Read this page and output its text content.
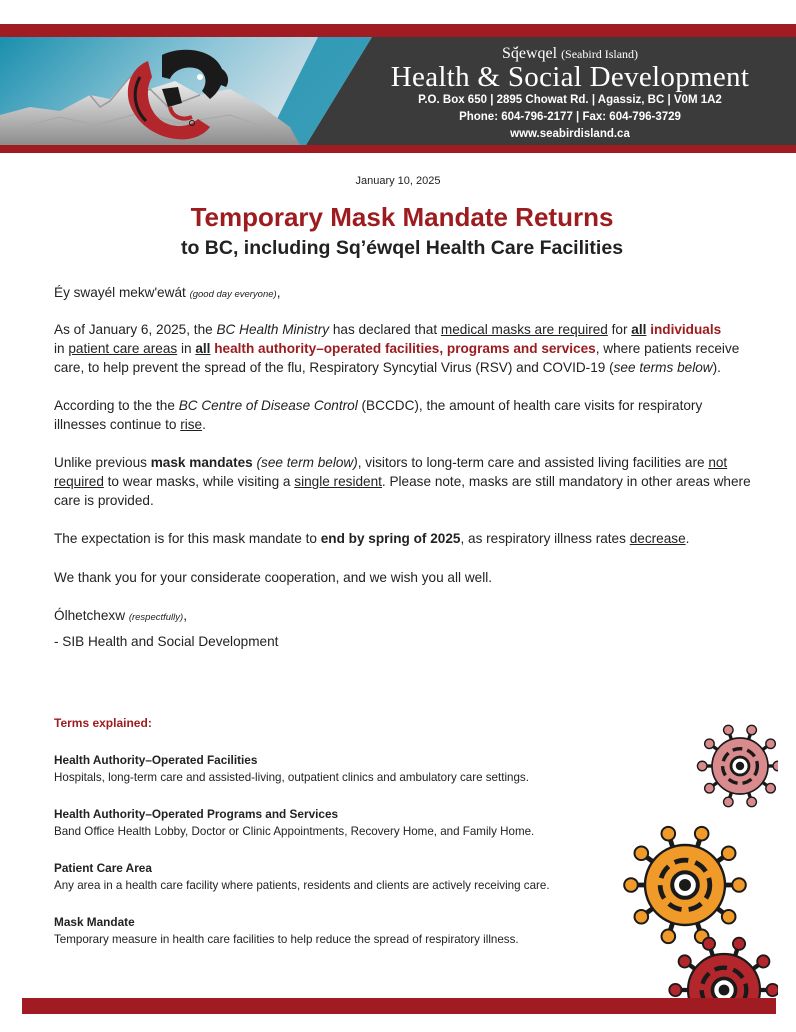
Sq̆́ewqel (Seabird Island)
Health & Social Development
P.O. Box 650 | 2895 Chowat Rd. | Agassiz, BC | V0M 1A2
Phone: 604-796-2177 | Fax: 604-796-3729
www.seabirdisland.ca
January 10, 2025
Temporary Mask Mandate Returns
to BC, including Sq’éwqel Health Care Facilities
Éy swayél mekw'ewát (good day everyone),
As of January 6, 2025, the BC Health Ministry has declared that medical masks are required for all individuals
in patient care areas in all health authority–operated facilities, programs and services, where patients receive care, to help prevent the spread of the flu, Respiratory Syncytial Virus (RSV) and COVID-19 (see terms below).
According to the the BC Centre of Disease Control (BCCDC), the amount of health care visits for respiratory illnesses continue to rise.
Unlike previous mask mandates (see term below), visitors to long-term care and assisted living facilities are not required to wear masks, while visiting a single resident. Please note, masks are still mandatory in other areas where care is provided.
The expectation is for this mask mandate to end by spring of 2025, as respiratory illness rates decrease.
We thank you for your considerate cooperation, and we wish you all well.
Ólhetchexw (respectfully),
- SIB Health and Social Development
Terms explained:
Health Authority–Operated Facilities
Hospitals, long-term care and assisted-living, outpatient clinics and ambulatory care settings.
Health Authority–Operated Programs and Services
Band Office Health Lobby, Doctor or Clinic Appointments, Recovery Home, and Family Home.
Patient Care Area
Any area in a health care facility where patients, residents and clients are actively receiving care.
Mask Mandate
Temporary measure in health care facilities to help reduce the spread of respiratory illness.
